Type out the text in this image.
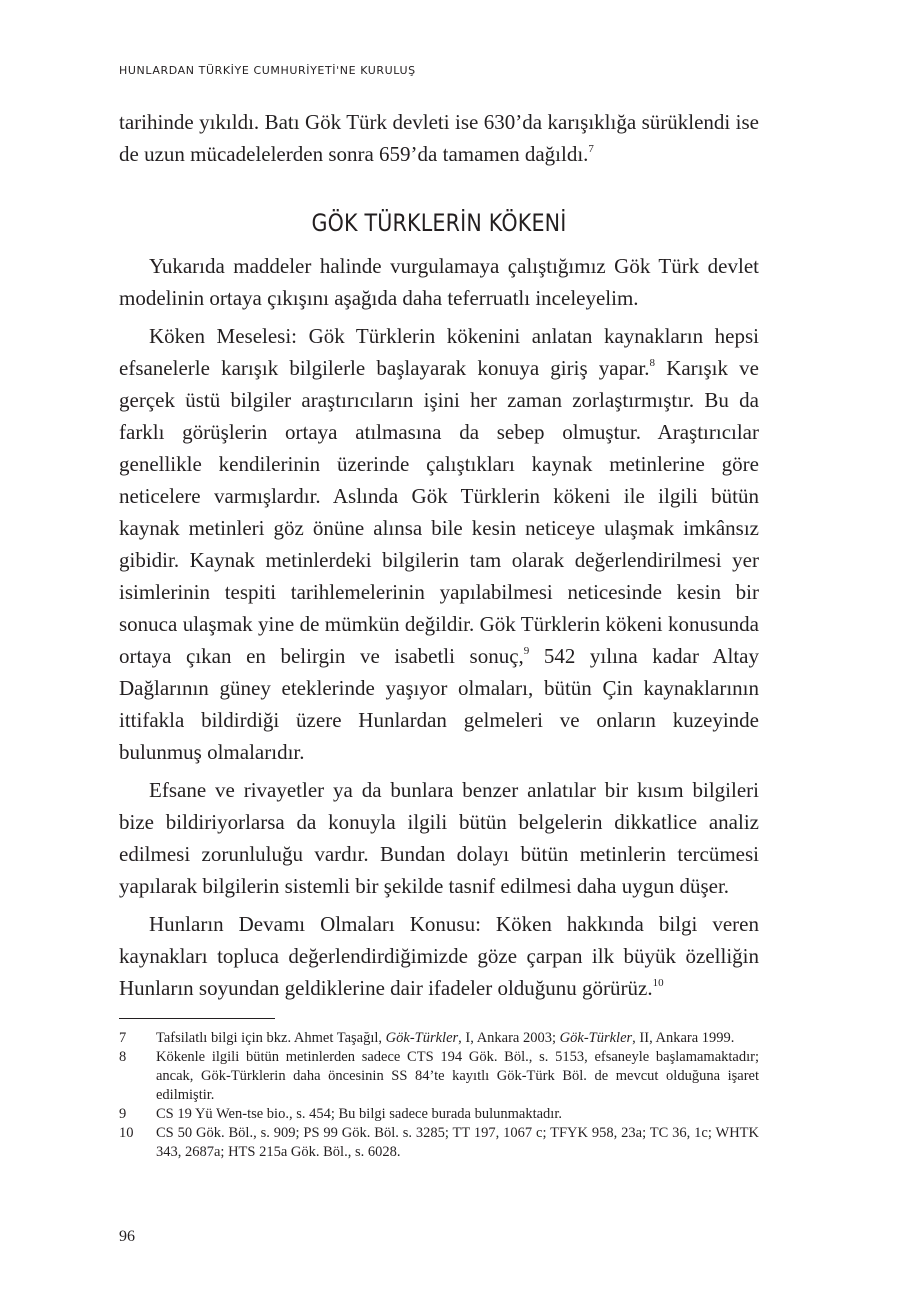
HUNLARDAN TÜRKİYE CUMHURİYETİ'NE KURULUŞ

tarihinde yıkıldı. Batı Gök Türk devleti ise 630’da karışıklığa sürüklendi ise de uzun mücadelelerden sonra 659’da tamamen dağıldı.$^7$

GÖK TÜRKLERİN KÖKENİ

Yukarıda maddeler halinde vurgulamaya çalıştığımız Gök Türk devlet modelinin ortaya çıkışını aşağıda daha teferruatlı inceleyelim.

Köken Meselesi: Gök Türklerin kökenini anlatan kaynakların hepsi efsanelerle karışık bilgilerle başlayarak konuya giriş yapar.$^8$ Karışık ve gerçek üstü bilgiler araştırıcıların işini her zaman zorlaştırmıştır. Bu da farklı görüşlerin ortaya atılmasına da sebep olmuştur. Araştırıcılar genellikle kendilerinin üzerinde çalıştıkları kaynak metinlerine göre neticelere varmışlardır. Aslında Gök Türklerin kökeni ile ilgili bütün kaynak metinleri göz önüne alınsa bile kesin neticeye ulaşmak imkânsız gibidir. Kaynak metinlerdeki bilgilerin tam olarak değerlendirilmesi yer isimlerinin tespiti tarihlemelerinin yapılabilmesi neticesinde kesin bir sonuca ulaşmak yine de mümkün değildir. Gök Türklerin kökeni konusunda ortaya çıkan en belirgin ve isabetli sonuç,$^9$ 542 yılına kadar Altay Dağlarının güney eteklerinde yaşıyor olmaları, bütün Çin kaynaklarının ittifakla bildirdiği üzere Hunlardan gelmeleri ve onların kuzeyinde bulunmuş olmalarıdır.

Efsane ve rivayetler ya da bunlara benzer anlatılar bir kısım bilgileri bize bildiriyorlarsa da konuyla ilgili bütün belgelerin dikkatlice analiz edilmesi zorunluluğu vardır. Bundan dolayı bütün metinlerin tercümesi yapılarak bilgilerin sistemli bir şekilde tasnif edilmesi daha uygun düşer.

Hunların Devamı Olmaları Konusu: Köken hakkında bilgi veren kaynakları topluca değerlendirdiğimizde göze çarpan ilk büyük özelliğin Hunların soyundan geldiklerine dair ifadeler olduğunu görürüz.$^{10}$

7	Tafsilatlı bilgi için bkz. Ahmet Taşağıl, Gök-Türkler, I, Ankara 2003; Gök-Türkler, II, Ankara 1999.
8	Kökenle ilgili bütün metinlerden sadece CTS 194 Gök. Böl., s. 5153, efsaneyle başlamamaktadır; ancak, Gök-Türklerin daha öncesinin SS 84’te kayıtlı Gök-Türk Böl. de mevcut olduğuna işaret edilmiştir.
9	CS 19 Yü Wen-tse bio., s. 454; Bu bilgi sadece burada bulunmaktadır.
10	CS 50 Gök. Böl., s. 909; PS 99 Gök. Böl. s. 3285; TT 197, 1067 c; TFYK 958, 23a; TC 36, 1c; WHTK 343, 2687a; HTS 215a Gök. Böl., s. 6028.
96
